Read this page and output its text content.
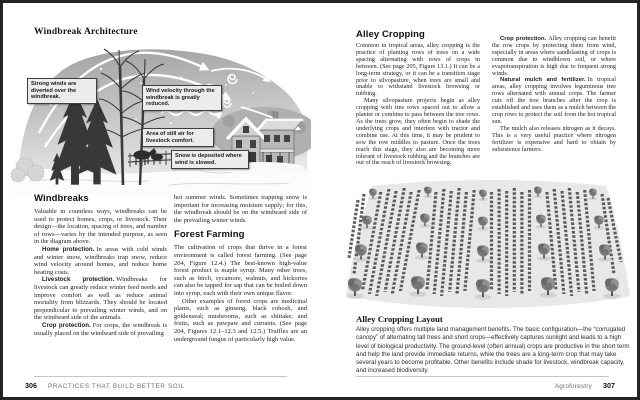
Windbreak Architecture
Strong winds are diverted over the windbreak.
Wind velocity through the windbreak is greatly reduced.
Area of still air for livestock comfort.
Snow is deposited where wind is slowed.
Windbreaks

Valuable in countless ways, windbreaks can be used to protect homes, crops, or livestock. Their design—the location, spacing of trees, and number of rows—varies by the intended purpose, as seen in the diagram above.

Home protection. In areas with cold winds and winter snow, windbreaks trap snow, reduce wind velocity around homes, and reduce home heating costs.

Livestock protection. Windbreaks for livestock can greatly reduce winter feed needs and improve comfort as well as reduce animal mortality from blizzards. They should be located perpendicular to prevailing winter winds, and on the windward side of the animals.

Crop protection. For crops, the windbreak is usually placed on the windward side of prevailing

hot summer winds. Sometimes trapping snow is important for increasing moisture supply; for this, the windbreak should be on the windward side of the prevailing winter winds.

Forest Farming

The cultivation of crops that thrive in a forest environment is called forest farming. (See page 204, Figure 12.4.) The best-known high-value forest product is maple syrup. Many other trees, such as birch, sycamore, walnuts, and hickories can also be tapped for sap that can be boiled down into syrup, each with their own unique flavor.

Other examples of forest crops are medicinal plants, such as ginseng, black cohosh, and goldenseal; mushrooms, such as shiitake; and fruits, such as pawpaw and currants. (See page 204, Figures 12.1–12.3 and 12.5.) Truffles are an underground fungus of particularly high value.

306 PRACTICES THAT BUILD BETTER SOIL
Alley Cropping

Common in tropical areas, alley cropping is the practice of planting rows of trees on a wide spacing alternating with rows of crops in between. (See page 205, Figure 13.1.) It can be a long-term strategy, or it can be a transition stage prior to silvopasture, when trees are small and unable to withstand livestock browsing or rubbing.

Many silvopasture projects begin as alley cropping with tree rows spaced out to allow a planter or combine to pass between the tree rows. As the trees grow, they often begin to shade the underlying crops and interfere with tractor and combine use. At this time, it may be prudent to sow the row middles to pasture. Once the trees reach this stage, they also are becoming more tolerant of livestock rubbing and the branches are out of the reach of livestock browsing.

Crop protection. Alley cropping can benefit the row crops by protecting them from wind, especially in areas where sandblasting of crops is common due to windblown soil, or where evapotranspiration is high due to frequent strong winds.

Natural mulch and fertilizer. In tropical areas, alley cropping involves leguminous tree rows alternated with annual crops. The farmer cuts off the tree branches after the crop is established and uses them as a mulch between the crop rows to protect the soil from the hot tropical sun.

The mulch also releases nitrogen as it decays. This is a very useful practice where nitrogen fertilizer is expensive and hard to obtain by subsistence farmers.

Alley Cropping Layout
Alley cropping offers multiple land management benefits. The basic configuration—the “corrugated canopy” of alternating tall trees and short crops—effectively captures sunlight and leads to a high level of biological productivity. The ground-level (often annual) crops are productive in the short term and help the land provide immediate returns, while the trees are a long-term crop that may take several years to become profitable. Other benefits include shade for livestock, windbreak capacity, and increased biodiversity.
Agroforestry 307
